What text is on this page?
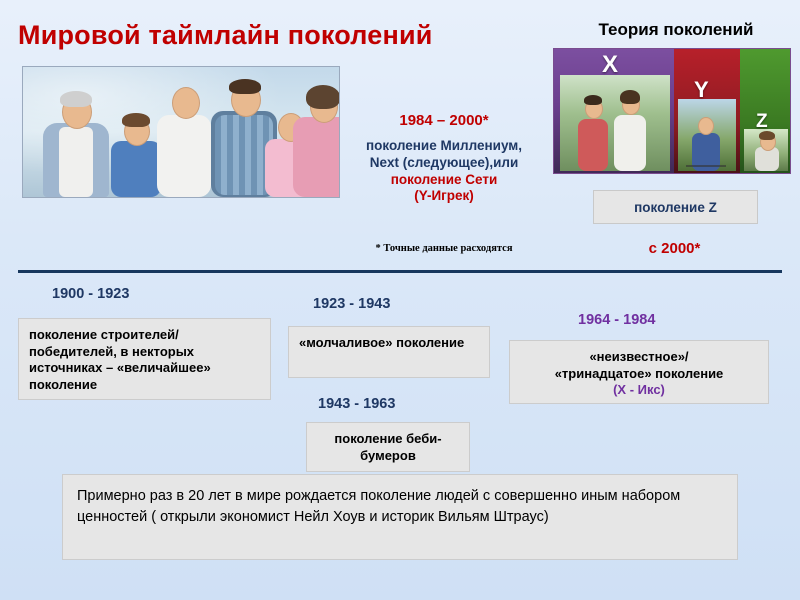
Мировой таймлайн поколений	Теория поколений
X
Y
Z
1984 – 2000*
поколение Миллениум,
Next (следующее),или
поколение Сети
(Y-Игрек)
* Точные данные расходятся
поколение Z
с 2000*
1900 - 1923
поколение строителей/ победителей, в некторых источниках – «величайшее» поколение
1923 - 1943
«молчаливое» поколение
1943 - 1963
поколение беби-бумеров
1964 - 1984
«неизвестное»/
«тринадцатое» поколение
(X - Икс)
Примерно раз в 20 лет в мире рождается поколение людей с совершенно иным набором ценностей ( открыли экономист Нейл Хоув и историк Вильям Штраус)
